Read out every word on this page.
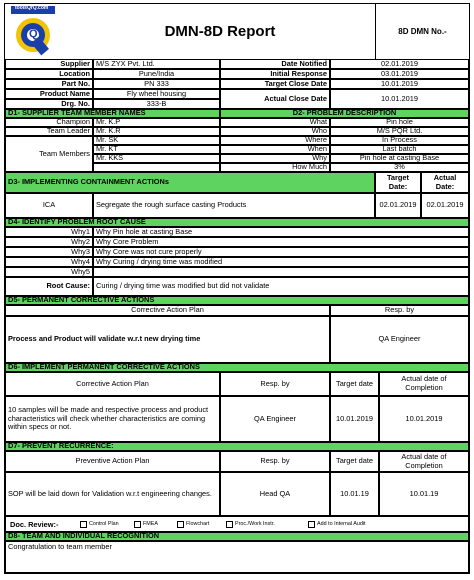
toolsQrQ.com
Q	DMN-8D Report	8D DMN No.-
Supplier M/S ZYX Pvt. Ltd.	Date Notified	02.01.2019
Location	Pune/India	Initial Response	03.01.2019
Part No.	PN 333	Target Close Date	10.01.2019
Product Name	Fly wheel housing
Actual Close Date	10.01.2019
Drg. No.	333-B
D1- SUPPLIER TEAM MEMBER NAMES	D2- PROBLEM DESCRIPTION
Champion Mr. K.P
Team Leader Mr. K.R
Team Members
Mr. SK
Mr. KT
Mr. KKS
What	Pin hole
Who	M/S PQR Ltd.
Where	In Process
When	Last batch
Why	Pin hole at casting Base
How Much	3%
D3- IMPLEMENTING CONTAINMENT ACTIONs	Target Date:
Actual Date:
ICA	Segregate the rough surface casting Products	02.01.2019	02.01.2019
D4- IDENTIFY PROBLEM ROOT CAUSE
Why1 Why Pin hole at casting Base
Why2 Why Core Problem
Why3 Why Core was not cure properly
Why4 Why Curing / drying time was modified
Why5
Root Cause: Curing / drying time was modified but did not validate
D5- PERMANENT CORRECTIVE ACTIONS
Corrective Action Plan	Resp. by
Process and Product will validate w.r.t new drying time	QA Engineer
D6- IMPLEMENT PERMANENT CORRECTIVE ACTIONS
Corrective Action Plan	Resp. by	Target date	Actual date of Completion
10 samples will be made and respective process and product characteristics will check whether characteristics are coming within specs or not.
QA Engineer	10.01.2019	10.01.2019
D7- PREVENT RECURRENCE:
Preventive Action Plan	Resp. by	Target date	Actual date of Completion
SOP will be laid down for Validation w.r.t engineering changes.	Head QA	10.01.19	10.01.19
Doc. Review:-	Control Plan	FMEA	Flowchart	Proc./Work Instr.	Add to Internal Audit
D8- TEAM AND INDIVIDUAL RECOGNITION
Congratulation to team member
